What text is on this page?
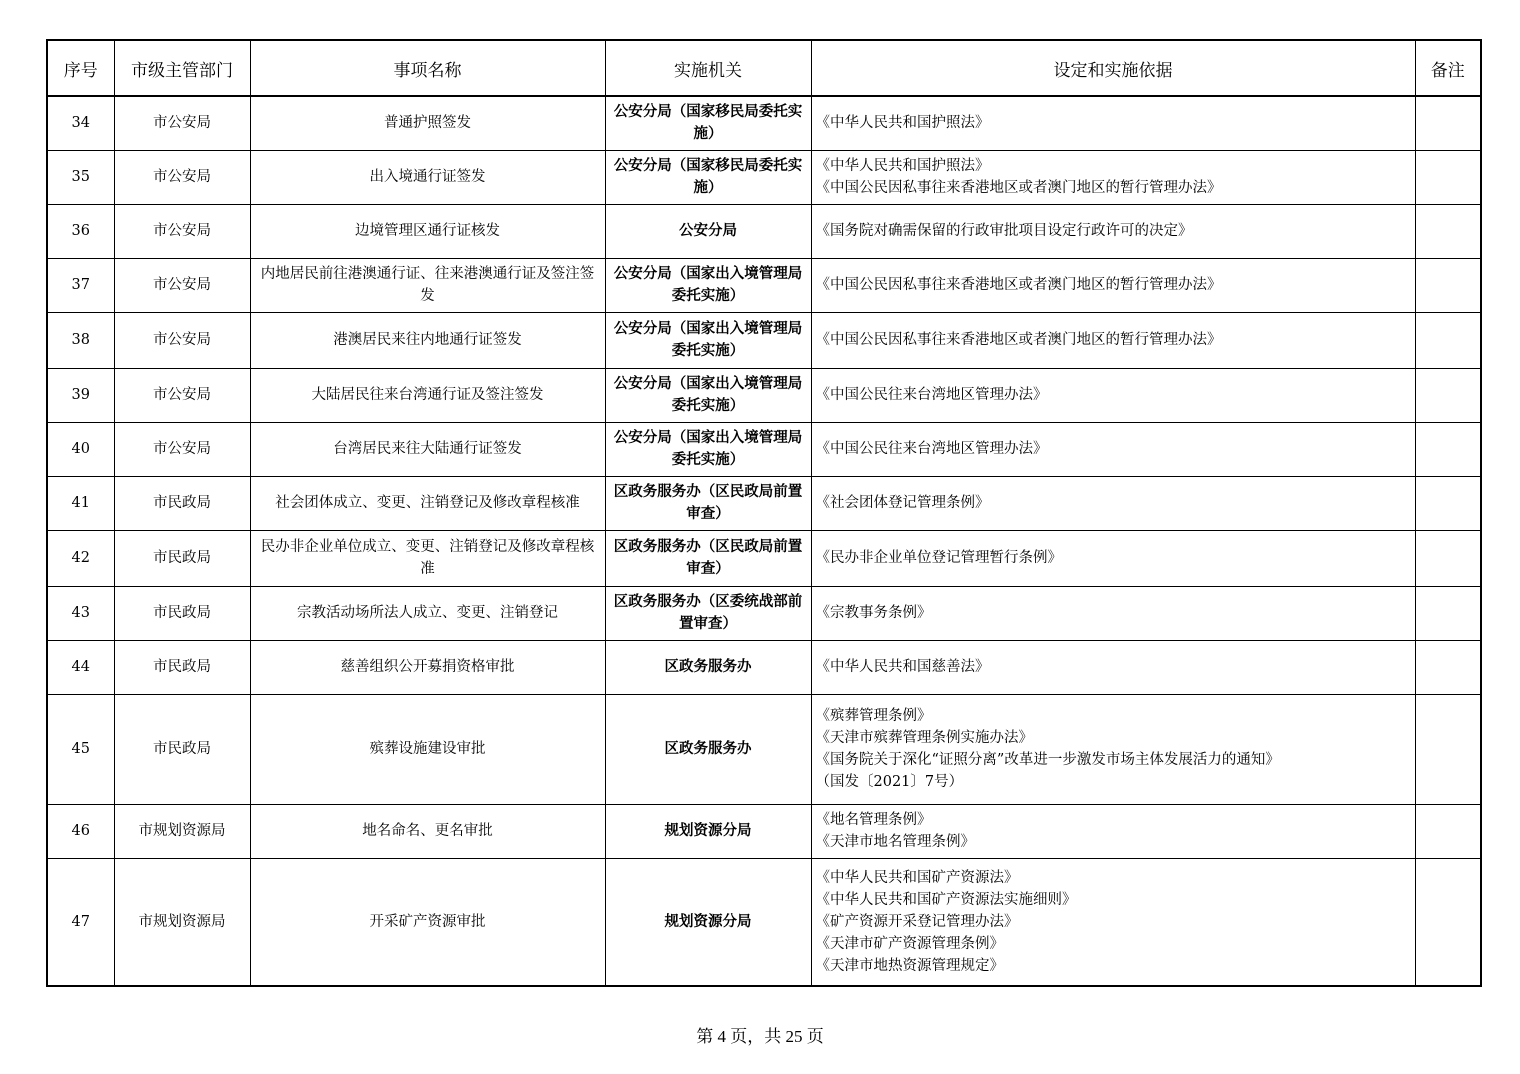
序号	市级主管部门	事项名称	实施机关	设定和实施依据	备注
34	市公安局	普通护照签发	公安分局（国家移民局委托实施）	《中华人民共和国护照法》	

35	市公安局	出入境通行证签发	公安分局（国家移民局委托实施）	《中华人民共和国护照法》
《中国公民因私事往来香港地区或者澳门地区的暂行管理办法》	

36	市公安局	边境管理区通行证核发	公安分局	《国务院对确需保留的行政审批项目设定行政许可的决定》	

37	市公安局	内地居民前往港澳通行证、往来港澳通行证及签注签发	公安分局（国家出入境管理局委托实施）	《中国公民因私事往来香港地区或者澳门地区的暂行管理办法》	

38	市公安局	港澳居民来往内地通行证签发	公安分局（国家出入境管理局委托实施）	《中国公民因私事往来香港地区或者澳门地区的暂行管理办法》	

39	市公安局	大陆居民往来台湾通行证及签注签发	公安分局（国家出入境管理局委托实施）	《中国公民往来台湾地区管理办法》	

40	市公安局	台湾居民来往大陆通行证签发	公安分局（国家出入境管理局委托实施）	《中国公民往来台湾地区管理办法》	

41	市民政局	社会团体成立、变更、注销登记及修改章程核准	区政务服务办（区民政局前置审查）	《社会团体登记管理条例》	

42	市民政局	民办非企业单位成立、变更、注销登记及修改章程核准	区政务服务办（区民政局前置审查）	《民办非企业单位登记管理暂行条例》	

43	市民政局	宗教活动场所法人成立、变更、注销登记	区政务服务办（区委统战部前置审查）	《宗教事务条例》	

44	市民政局	慈善组织公开募捐资格审批	区政务服务办	《中华人民共和国慈善法》	

45	市民政局	殡葬设施建设审批	区政务服务办	《殡葬管理条例》
《天津市殡葬管理条例实施办法》
《国务院关于深化“证照分离”改革进一步激发市场主体发展活力的通知》
（国发〔2021〕7号）	

46	市规划资源局	地名命名、更名审批	规划资源分局	《地名管理条例》
《天津市地名管理条例》	

47	市规划资源局	开采矿产资源审批	规划资源分局	《中华人民共和国矿产资源法》
《中华人民共和国矿产资源法实施细则》
《矿产资源开采登记管理办法》
《天津市矿产资源管理条例》
《天津市地热资源管理规定》	

第 4 页，共 25 页
